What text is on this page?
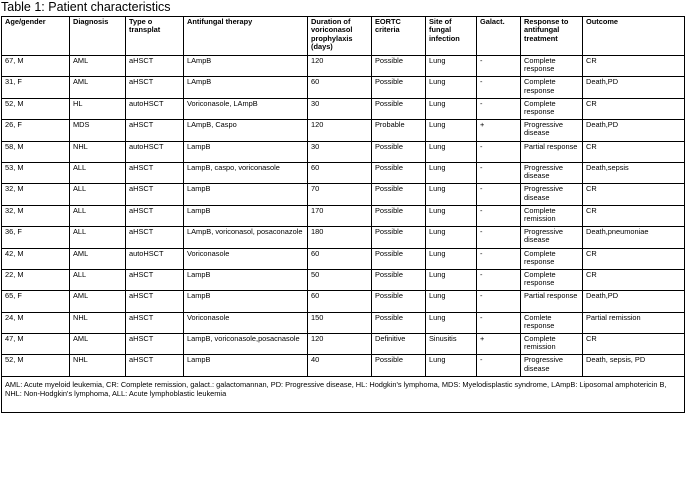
Table 1: Patient characteristics
Age/gender	Diagnosis	Type o transplat	Antifungal therapy	Duration of voriconasol prophylaxis (days)	EORTC criteria	Site of fungal infection	Galact.	Response to antifungal treatment	Outcome
67, M	AML	aHSCT	LAmpB	120	Possible	Lung	-	Complete response	CR
31, F	AML	aHSCT	LAmpB	60	Possible	Lung	-	Complete response	Death,PD
52, M	HL	autoHSCT	Voriconasole, LAmpB	30	Possible	Lung	-	Complete response	CR
26, F	MDS	aHSCT	LAmpB, Caspo	120	Probable	Lung	+	Progressive disease	Death,PD
58, M	NHL	autoHSCT	LampB	30	Possible	Lung	-	Partial response	CR
53, M	ALL	aHSCT	LampB, caspo, voriconasole	60	Possible	Lung	-	Progressive disease	Death,sepsis
32, M	ALL	aHSCT	LampB	70	Possible	Lung	-	Progressive disease	CR
32, M	ALL	aHSCT	LampB	170	Possible	Lung	-	Complete remission	CR
36, F	ALL	aHSCT	LAmpB, voriconasol, posaconazole	180	Possible	Lung	-	Progressive disease	Death,pneumoniae
42, M	AML	autoHSCT	Voriconasole	60	Possible	Lung	-	Complete response	CR
22, M	ALL	aHSCT	LampB	50	Possible	Lung	-	Complete response	CR
65, F	AML	aHSCT	LampB	60	Possible	Lung	-	Partial response	Death,PD
24, M	NHL	aHSCT	Voriconasole	150	Possible	Lung	-	Comlete response	Partial remission
47, M	AML	aHSCT	LampB, voriconasole,posacnasole	120	Definitive	Sinusitis	+	Complete remission	CR
52, M	NHL	aHSCT	LampB	40	Possible	Lung	-	Progressive disease	Death, sepsis, PD
AML: Acute myeloid leukemia, CR: Complete remission, galact.: galactomannan, PD: Progressive disease, HL: Hodgkin's lymphoma, MDS: Myelodisplastic syndrome, LAmpB: Liposomal amphotericin B, NHL: Non-Hodgkin's lymphoma, ALL: Acute lymphoblastic leukemia									
